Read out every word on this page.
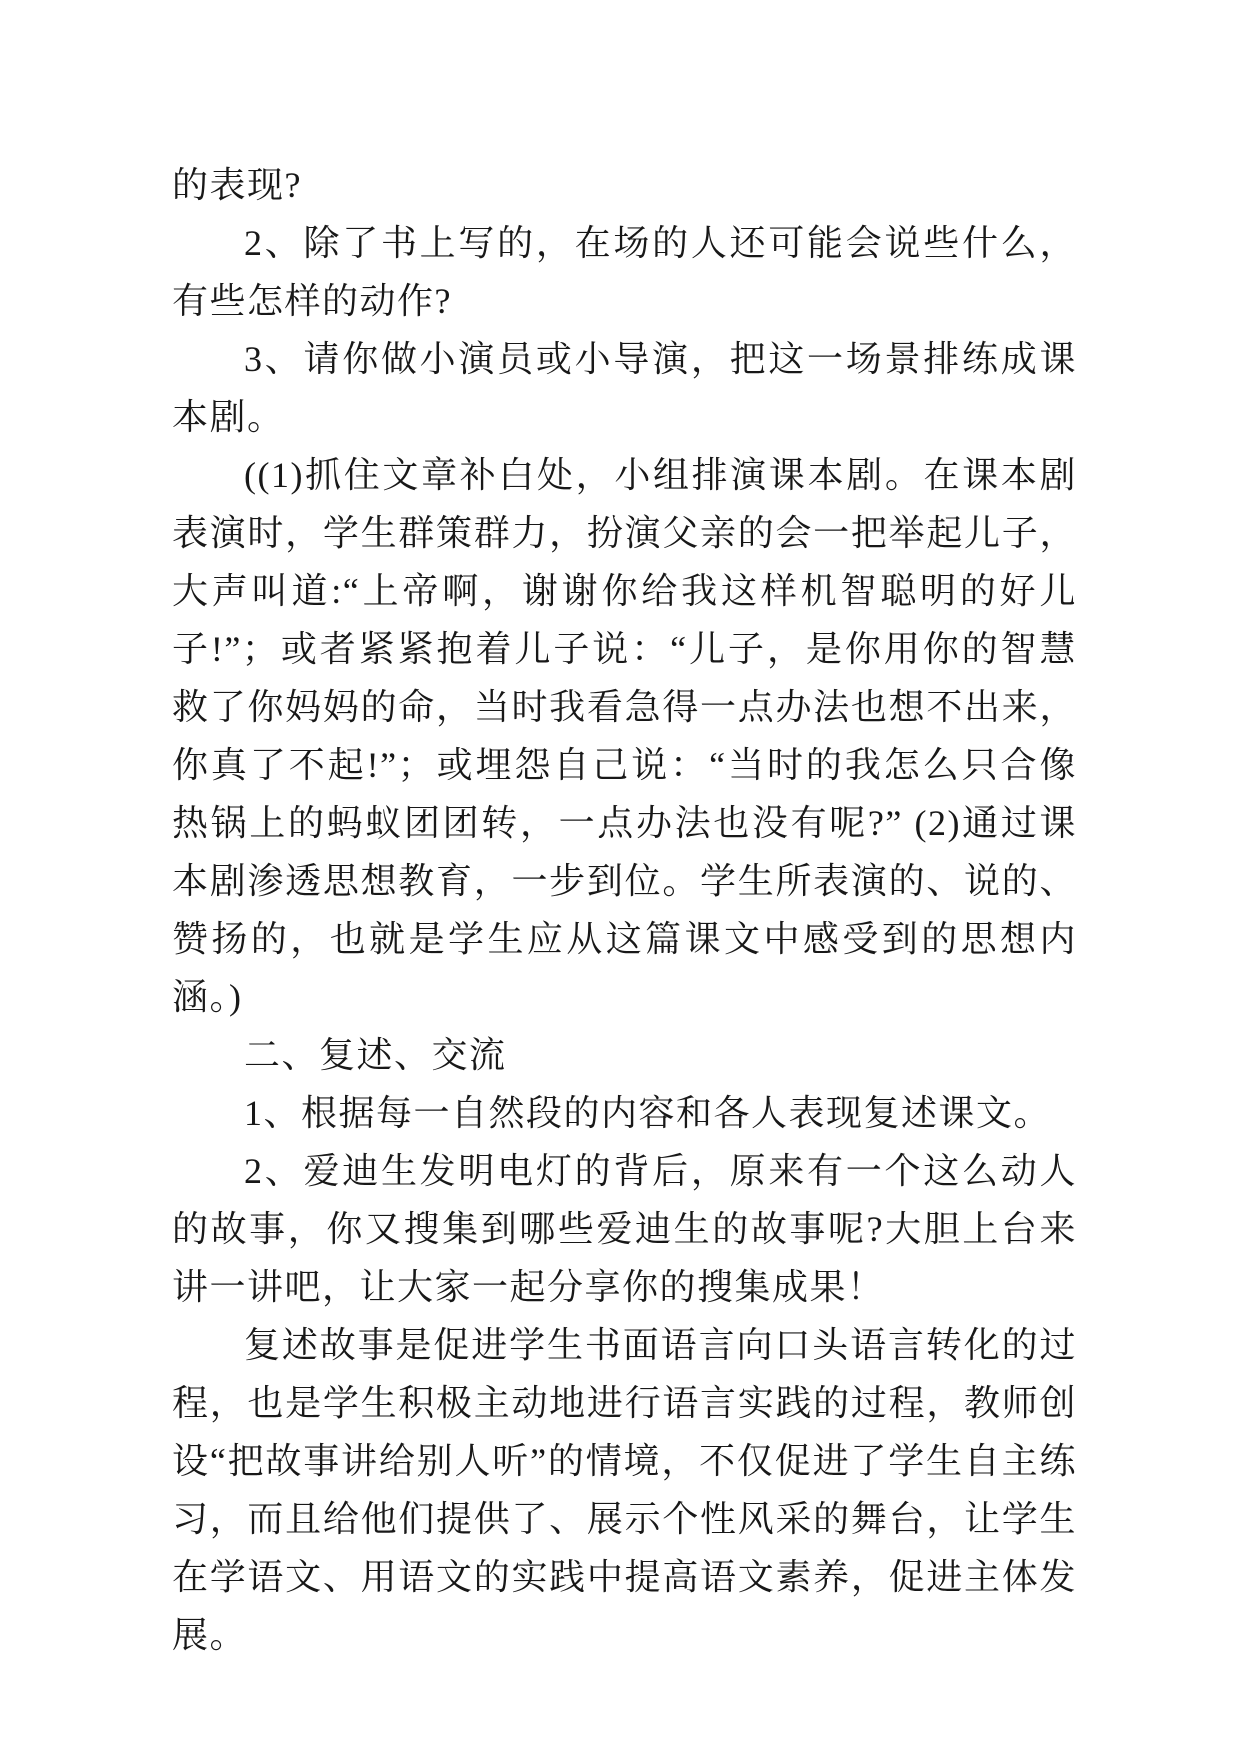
的表现?

2、除了书上写的，在场的人还可能会说些什么，有些怎样的动作?

3、请你做小演员或小导演，把这一场景排练成课本剧。

((1)抓住文章补白处，小组排演课本剧。在课本剧表演时，学生群策群力，扮演父亲的会一把举起儿子，大声叫道:“上帝啊，谢谢你给我这样机智聪明的好儿子!”；或者紧紧抱着儿子说：“儿子，是你用你的智慧救了你妈妈的命，当时我看急得一点办法也想不出来，你真了不起!”；或埋怨自己说：“当时的我怎么只合像热锅上的蚂蚁团团转，一点办法也没有呢?” (2)通过课本剧渗透思想教育，一步到位。学生所表演的、说的、赞扬的，也就是学生应从这篇课文中感受到的思想内涵。)

二、复述、交流

1、根据每一自然段的内容和各人表现复述课文。

2、爱迪生发明电灯的背后，原来有一个这么动人的故事，你又搜集到哪些爱迪生的故事呢?大胆上台来讲一讲吧，让大家一起分享你的搜集成果！

复述故事是促进学生书面语言向口头语言转化的过程，也是学生积极主动地进行语言实践的过程，教师创设“把故事讲给别人听”的情境，不仅促进了学生自主练习，而且给他们提供了、展示个性风采的舞台，让学生在学语文、用语文的实践中提高语文素养，促进主体发展。
